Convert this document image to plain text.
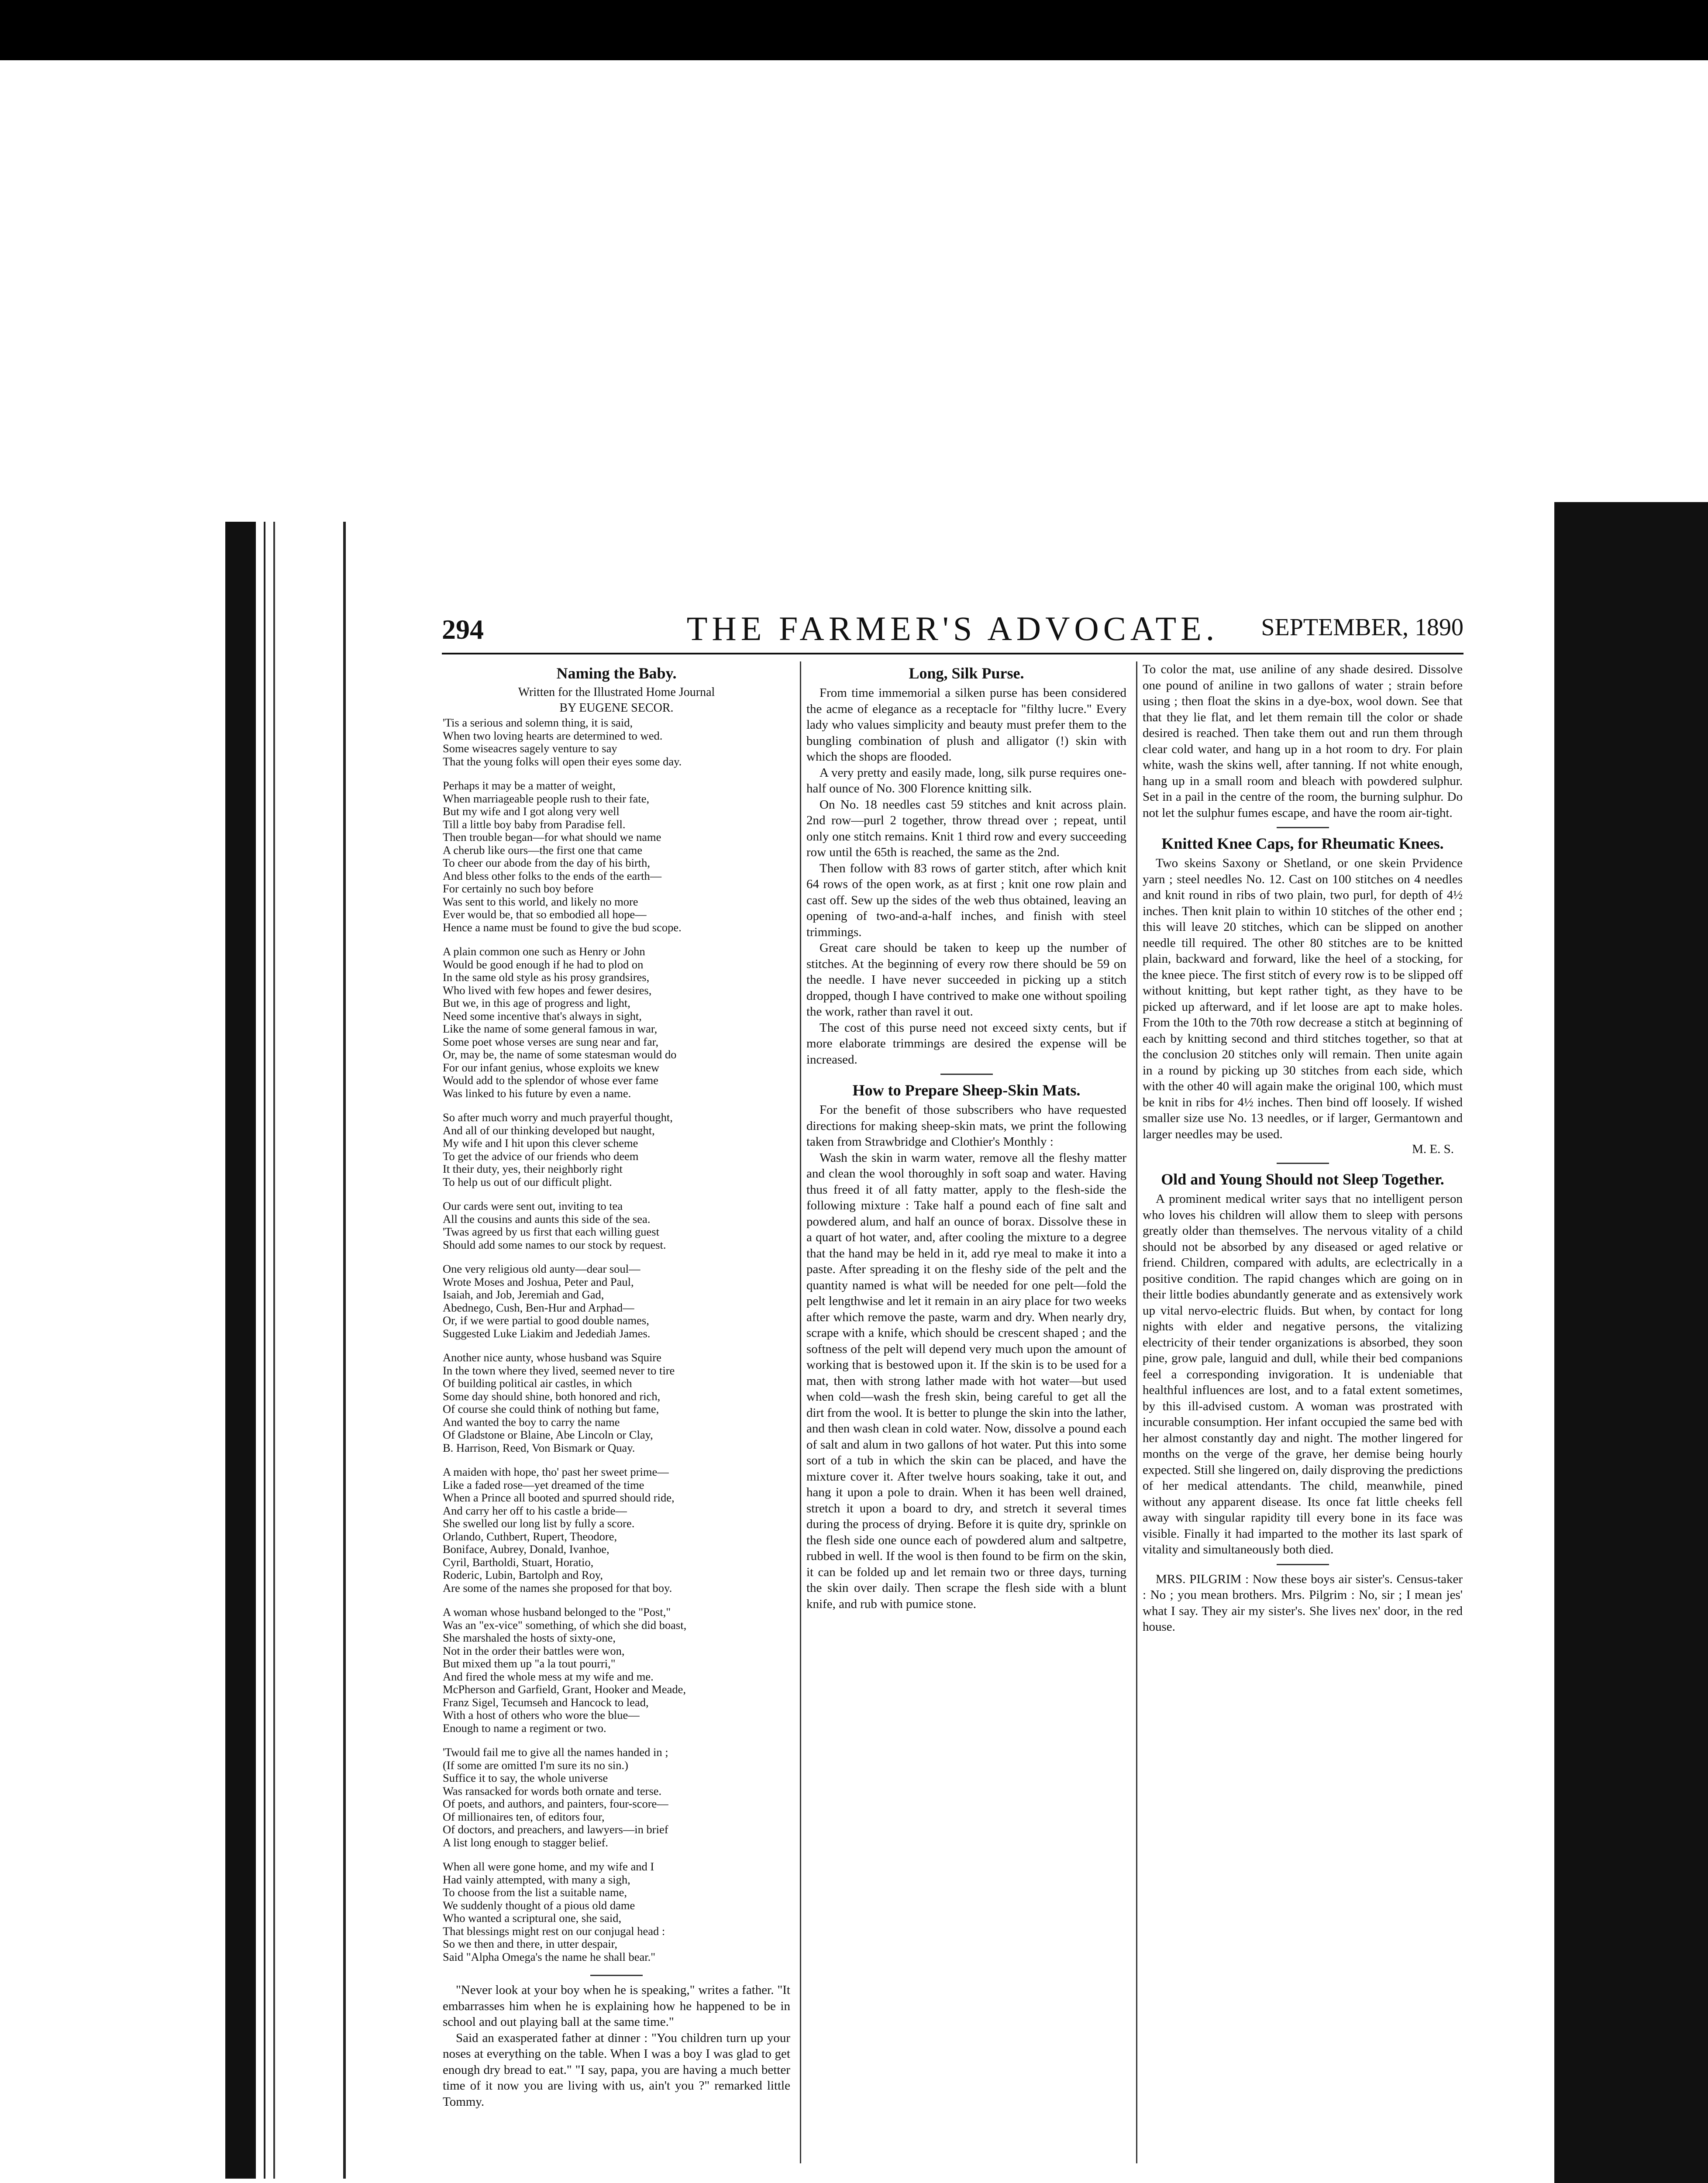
294	THE FARMER'S ADVOCATE.	SEPTEMBER, 1890
Naming the Baby.
Written for the Illustrated Home Journal
BY EUGENE SECOR.
'Tis a serious and solemn thing, it is said,
When two loving hearts are determined to wed.
Some wiseacres sagely venture to say
That the young folks will open their eyes some day.
Perhaps it may be a matter of weight,
When marriageable people rush to their fate,
But my wife and I got along very well
Till a little boy baby from Paradise fell.
Then trouble began—for what should we name
A cherub like ours—the first one that came
To cheer our abode from the day of his birth,
And bless other folks to the ends of the earth—
For certainly no such boy before
Was sent to this world, and likely no more
Ever would be, that so embodied all hope—
Hence a name must be found to give the bud scope.
A plain common one such as Henry or John
Would be good enough if he had to plod on
In the same old style as his prosy grandsires,
Who lived with few hopes and fewer desires,
But we, in this age of progress and light,
Need some incentive that's always in sight,
Like the name of some general famous in war,
Some poet whose verses are sung near and far,
Or, may be, the name of some statesman would do
For our infant genius, whose exploits we knew
Would add to the splendor of whose ever fame
Was linked to his future by even a name.
So after much worry and much prayerful thought,
And all of our thinking developed but naught,
My wife and I hit upon this clever scheme
To get the advice of our friends who deem
It their duty, yes, their neighborly right
To help us out of our difficult plight.
Our cards were sent out, inviting to tea
All the cousins and aunts this side of the sea.
'Twas agreed by us first that each willing guest
Should add some names to our stock by request.
One very religious old aunty—dear soul—
Wrote Moses and Joshua, Peter and Paul,
Isaiah, and Job, Jeremiah and Gad,
Abednego, Cush, Ben-Hur and Arphad—
Or, if we were partial to good double names,
Suggested Luke Liakim and Jedediah James.
Another nice aunty, whose husband was Squire
In the town where they lived, seemed never to tire
Of building political air castles, in which
Some day should shine, both honored and rich,
Of course she could think of nothing but fame,
And wanted the boy to carry the name
Of Gladstone or Blaine, Abe Lincoln or Clay,
B. Harrison, Reed, Von Bismark or Quay.
A maiden with hope, tho' past her sweet prime—
Like a faded rose—yet dreamed of the time
When a Prince all booted and spurred should ride,
And carry her off to his castle a bride—
She swelled our long list by fully a score.
Orlando, Cuthbert, Rupert, Theodore,
Boniface, Aubrey, Donald, Ivanhoe,
Cyril, Bartholdi, Stuart, Horatio,
Roderic, Lubin, Bartolph and Roy,
Are some of the names she proposed for that boy.
A woman whose husband belonged to the "Post,"
Was an "ex-vice" something, of which she did boast,
She marshaled the hosts of sixty-one,
Not in the order their battles were won,
But mixed them up "a la tout pourri,"
And fired the whole mess at my wife and me.
McPherson and Garfield, Grant, Hooker and Meade,
Franz Sigel, Tecumseh and Hancock to lead,
With a host of others who wore the blue—
Enough to name a regiment or two.
'Twould fail me to give all the names handed in ;
(If some are omitted I'm sure its no sin.)
Suffice it to say, the whole universe
Was ransacked for words both ornate and terse.
Of poets, and authors, and painters, four-score—
Of millionaires ten, of editors four,
Of doctors, and preachers, and lawyers—in brief
A list long enough to stagger belief.
When all were gone home, and my wife and I
Had vainly attempted, with many a sigh,
To choose from the list a suitable name,
We suddenly thought of a pious old dame
Who wanted a scriptural one, she said,
That blessings might rest on our conjugal head :
So we then and there, in utter despair,
Said "Alpha Omega's the name he shall bear."

"Never look at your boy when he is speaking," writes a father. "It embarrasses him when he is explaining how he happened to be in school and out playing ball at the same time."

Said an exasperated father at dinner : "You children turn up your noses at everything on the table. When I was a boy I was glad to get enough dry bread to eat." "I say, papa, you are having a much better time of it now you are living with us, ain't you ?" remarked little Tommy.

Long, Silk Purse.

From time immemorial a silken purse has been considered the acme of elegance as a receptacle for "filthy lucre." Every lady who values simplicity and beauty must prefer them to the bungling combination of plush and alligator (!) skin with which the shops are flooded.

A very pretty and easily made, long, silk purse requires one-half ounce of No. 300 Florence knitting silk.

On No. 18 needles cast 59 stitches and knit across plain. 2nd row—purl 2 together, throw thread over ; repeat, until only one stitch remains. Knit 1 third row and every succeeding row until the 65th is reached, the same as the 2nd.

Then follow with 83 rows of garter stitch, after which knit 64 rows of the open work, as at first ; knit one row plain and cast off. Sew up the sides of the web thus obtained, leaving an opening of two-and-a-half inches, and finish with steel trimmings.

Great care should be taken to keep up the number of stitches. At the beginning of every row there should be 59 on the needle. I have never succeeded in picking up a stitch dropped, though I have contrived to make one without spoiling the work, rather than ravel it out.

The cost of this purse need not exceed sixty cents, but if more elaborate trimmings are desired the expense will be increased.

How to Prepare Sheep-Skin Mats.

For the benefit of those subscribers who have requested directions for making sheep-skin mats, we print the following taken from Strawbridge and Clothier's Monthly :

Wash the skin in warm water, remove all the fleshy matter and clean the wool thoroughly in soft soap and water. Having thus freed it of all fatty matter, apply to the flesh-side the following mixture : Take half a pound each of fine salt and powdered alum, and half an ounce of borax. Dissolve these in a quart of hot water, and, after cooling the mixture to a degree that the hand may be held in it, add rye meal to make it into a paste. After spreading it on the fleshy side of the pelt and the quantity named is what will be needed for one pelt—fold the pelt lengthwise and let it remain in an airy place for two weeks after which remove the paste, warm and dry. When nearly dry, scrape with a knife, which should be crescent shaped ; and the softness of the pelt will depend very much upon the amount of working that is bestowed upon it. If the skin is to be used for a mat, then with strong lather made with hot water—but used when cold—wash the fresh skin, being careful to get all the dirt from the wool. It is better to plunge the skin into the lather, and then wash clean in cold water. Now, dissolve a pound each of salt and alum in two gallons of hot water. Put this into some sort of a tub in which the skin can be placed, and have the mixture cover it. After twelve hours soaking, take it out, and hang it upon a pole to drain. When it has been well drained, stretch it upon a board to dry, and stretch it several times during the process of drying. Before it is quite dry, sprinkle on the flesh side one ounce each of powdered alum and saltpetre, rubbed in well. If the wool is then found to be firm on the skin, it can be folded up and let remain two or three days, turning the skin over daily. Then scrape the flesh side with a blunt knife, and rub with pumice stone.

To color the mat, use aniline of any shade desired. Dissolve one pound of aniline in two gallons of water ; strain before using ; then float the skins in a dye-box, wool down. See that that they lie flat, and let them remain till the color or shade desired is reached. Then take them out and run them through clear cold water, and hang up in a hot room to dry. For plain white, wash the skins well, after tanning. If not white enough, hang up in a small room and bleach with powdered sulphur. Set in a pail in the centre of the room, the burning sulphur. Do not let the sulphur fumes escape, and have the room air-tight.

Knitted Knee Caps, for Rheumatic Knees.

Two skeins Saxony or Shetland, or one skein Prvidence yarn ; steel needles No. 12. Cast on 100 stitches on 4 needles and knit round in ribs of two plain, two purl, for depth of 4½ inches. Then knit plain to within 10 stitches of the other end ; this will leave 20 stitches, which can be slipped on another needle till required. The other 80 stitches are to be knitted plain, backward and forward, like the heel of a stocking, for the knee piece. The first stitch of every row is to be slipped off without knitting, but kept rather tight, as they have to be picked up afterward, and if let loose are apt to make holes. From the 10th to the 70th row decrease a stitch at beginning of each by knitting second and third stitches together, so that at the conclusion 20 stitches only will remain. Then unite again in a round by picking up 30 stitches from each side, which with the other 40 will again make the original 100, which must be knit in ribs for 4½ inches. Then bind off loosely. If wished smaller size use No. 13 needles, or if larger, Germantown and larger needles may be used.

M. E. S.
Old and Young Should not Sleep Together.

A prominent medical writer says that no intelligent person who loves his children will allow them to sleep with persons greatly older than themselves. The nervous vitality of a child should not be absorbed by any diseased or aged relative or friend. Children, compared with adults, are eclectrically in a positive condition. The rapid changes which are going on in their little bodies abundantly generate and as extensively work up vital nervo-electric fluids. But when, by contact for long nights with elder and negative persons, the vitalizing electricity of their tender organizations is absorbed, they soon pine, grow pale, languid and dull, while their bed companions feel a corresponding invigoration. It is undeniable that healthful influences are lost, and to a fatal extent sometimes, by this ill-advised custom. A woman was prostrated with incurable consumption. Her infant occupied the same bed with her almost constantly day and night. The mother lingered for months on the verge of the grave, her demise being hourly expected. Still she lingered on, daily disproving the predictions of her medical attendants. The child, meanwhile, pined without any apparent disease. Its once fat little cheeks fell away with singular rapidity till every bone in its face was visible. Finally it had imparted to the mother its last spark of vitality and simultaneously both died.

MRS. PILGRIM : Now these boys air sister's. Census-taker : No ; you mean brothers. Mrs. Pilgrim : No, sir ; I mean jes' what I say. They air my sister's. She lives nex' door, in the red house.
